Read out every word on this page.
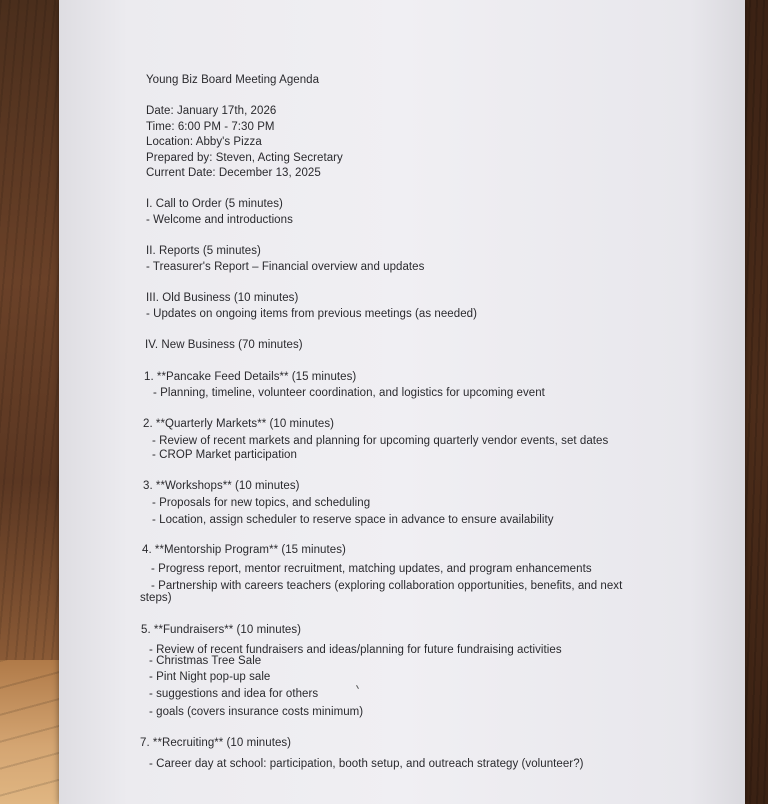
Young Biz Board Meeting Agenda
Date: January 17th, 2026
Time: 6:00 PM - 7:30 PM
Location: Abby's Pizza
Prepared by: Steven, Acting Secretary
Current Date: December 13, 2025
I. Call to Order (5 minutes)
- Welcome and introductions
II. Reports (5 minutes)
- Treasurer's Report – Financial overview and updates
III. Old Business (10 minutes)
- Updates on ongoing items from previous meetings (as needed)
IV. New Business (70 minutes)
1. **Pancake Feed Details** (15 minutes)
- Planning, timeline, volunteer coordination, and logistics for upcoming event
2. **Quarterly Markets** (10 minutes)
- Review of recent markets and planning for upcoming quarterly vendor events, set dates
- CROP Market participation
3. **Workshops** (10 minutes)
- Proposals for new topics, and scheduling
- Location, assign scheduler to reserve space in advance to ensure availability
4. **Mentorship Program** (15 minutes)
- Progress report, mentor recruitment, matching updates, and program enhancements
- Partnership with careers teachers (exploring collaboration opportunities, benefits, and next
steps)
5. **Fundraisers** (10 minutes)
- Review of recent fundraisers and ideas/planning for future fundraising activities
- Christmas Tree Sale
- Pint Night pop-up sale
- suggestions and idea for others
- goals (covers insurance costs minimum)
7. **Recruiting** (10 minutes)
- Career day at school: participation, booth setup, and outreach strategy (volunteer?)
